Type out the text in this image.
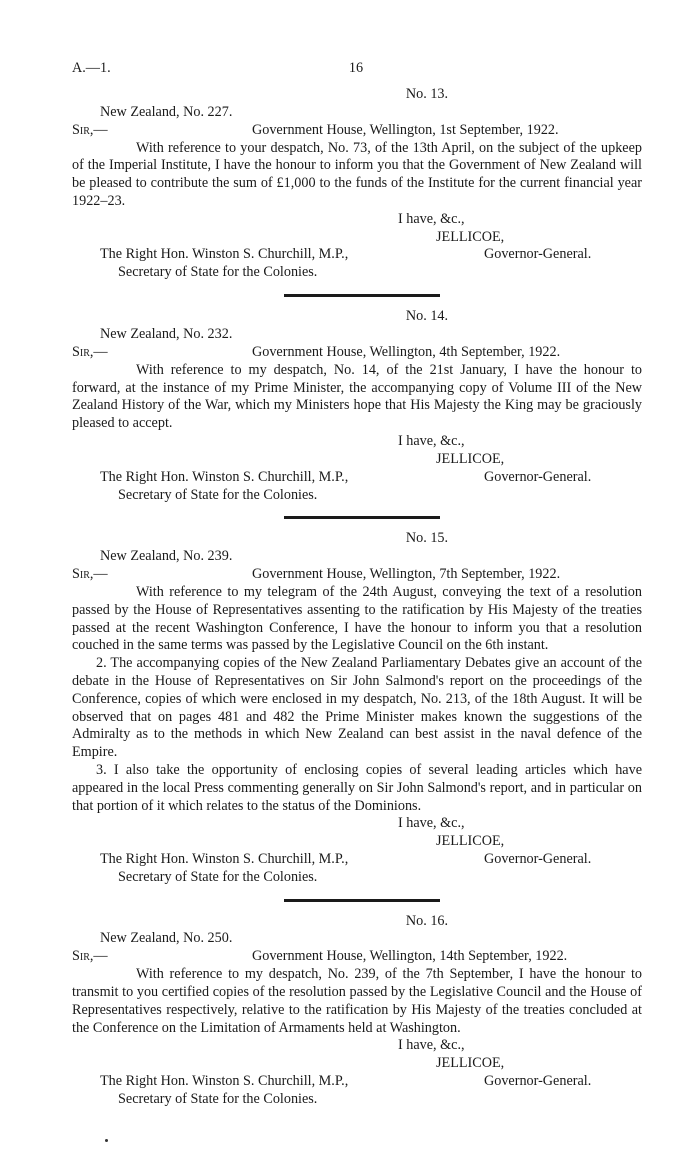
A.—1.	16
No. 13.
New Zealand, No. 227.
Sir,—	Government House, Wellington, 1st September, 1922.

With reference to your despatch, No. 73, of the 13th April, on the subject of the upkeep of the Imperial Institute, I have the honour to inform you that the Government of New Zealand will be pleased to contribute the sum of £1,000 to the funds of the Institute for the current financial year 1922–23.

I have, &c.,
JELLICOE,
The Right Hon. Winston S. Churchill, M.P.,	Governor-General.
Secretary of State for the Colonies.
No. 14.
New Zealand, No. 232.
Sir,—	Government House, Wellington, 4th September, 1922.

With reference to my despatch, No. 14, of the 21st January, I have the honour to forward, at the instance of my Prime Minister, the accompanying copy of Volume III of the New Zealand History of the War, which my Ministers hope that His Majesty the King may be graciously pleased to accept.

I have, &c.,
JELLICOE,
The Right Hon. Winston S. Churchill, M.P.,	Governor-General.
Secretary of State for the Colonies.
No. 15.
New Zealand, No. 239.
Sir,—	Government House, Wellington, 7th September, 1922.

With reference to my telegram of the 24th August, conveying the text of a resolution passed by the House of Representatives assenting to the ratification by His Majesty of the treaties passed at the recent Washington Conference, I have the honour to inform you that a resolution couched in the same terms was passed by the Legislative Council on the 6th instant.

2. The accompanying copies of the New Zealand Parliamentary Debates give an account of the debate in the House of Representatives on Sir John Salmond's report on the proceedings of the Conference, copies of which were enclosed in my despatch, No. 213, of the 18th August. It will be observed that on pages 481 and 482 the Prime Minister makes known the suggestions of the Admiralty as to the methods in which New Zealand can best assist in the naval defence of the Empire.

3. I also take the opportunity of enclosing copies of several leading articles which have appeared in the local Press commenting generally on Sir John Salmond's report, and in particular on that portion of it which relates to the status of the Dominions.

I have, &c.,
JELLICOE,
The Right Hon. Winston S. Churchill, M.P.,	Governor-General.
Secretary of State for the Colonies.
No. 16.
New Zealand, No. 250.
Sir,—	Government House, Wellington, 14th September, 1922.

With reference to my despatch, No. 239, of the 7th September, I have the honour to transmit to you certified copies of the resolution passed by the Legislative Council and the House of Representatives respectively, relative to the ratification by His Majesty of the treaties concluded at the Conference on the Limitation of Armaments held at Washington.

I have, &c.,
JELLICOE,
The Right Hon. Winston S. Churchill, M.P.,	Governor-General.
Secretary of State for the Colonies.
